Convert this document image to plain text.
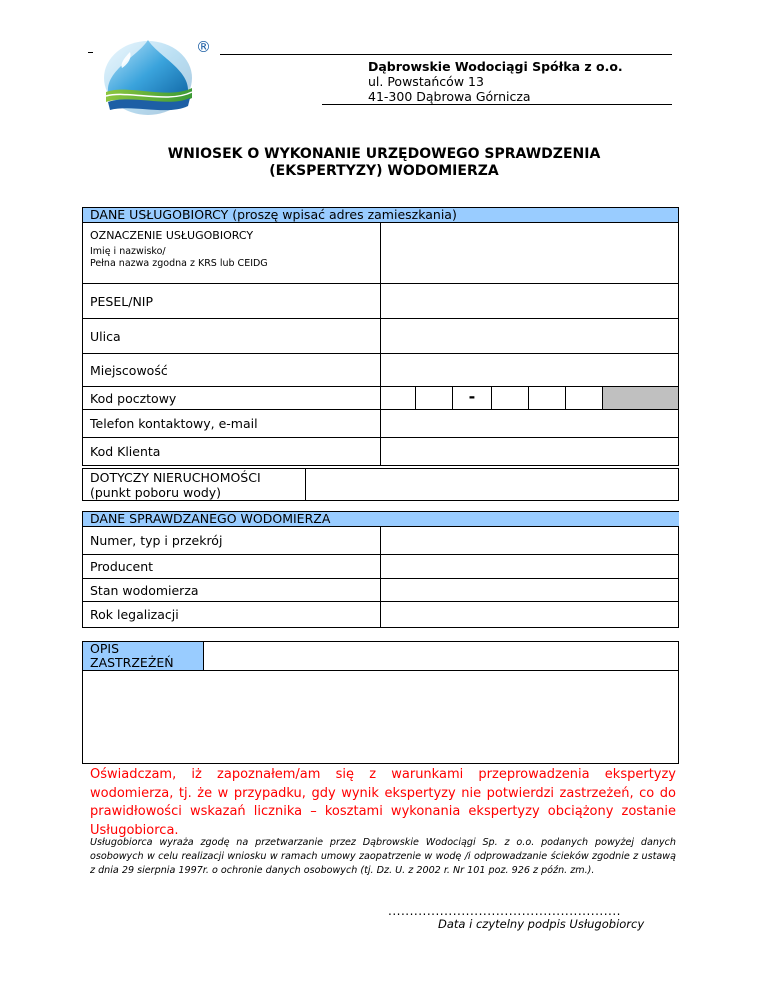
®
Dąbrowskie Wodociągi Spółka z o.o.
ul. Powstańców 13
41-300 Dąbrowa Górnicza
WNIOSEK O WYKONANIE URZĘDOWEGO SPRAWDZENIA
(EKSPERTYZY) WODOMIERZA
DANE USŁUGOBIORCY (proszę wpisać adres zamieszkania)	

OZNACZENIE USŁUGOBIORCY
Imię i nazwisko/
Pełna nazwa zgodna z KRS lub CEIDG	

PESEL/NIP	
Ulica	
Miejscowość	
Kod pocztowy	-

Telefon kontaktowy, e-mail	
Kod Klienta	
DOTYCZY NIERUCHOMOŚCI
(punkt poboru wody)

DANE SPRAWDZANEGO WODOMIERZA	
Numer, typ i przekrój	
Producent	
Stan wodomierza	
Rok legalizacji	
OPIS ZASTRZEŻEŃ

Oświadczam, iż zapoznałem/am się z warunkami przeprowadzenia ekspertyzy wodomierza, tj. że w przypadku, gdy wynik ekspertyzy nie potwierdzi zastrzeżeń, co do prawidłowości wskazań licznika – kosztami wykonania ekspertyzy obciążony zostanie Usługobiorca.
Usługobiorca wyraża zgodę na przetwarzanie przez Dąbrowskie Wodociągi Sp. z o.o. podanych powyżej danych osobowych w celu realizacji wniosku w ramach umowy zaopatrzenie w wodę /i odprowadzanie ścieków zgodnie z ustawą z dnia 29 sierpnia 1997r. o ochronie danych osobowych (tj. Dz. U. z 2002 r. Nr 101 poz. 926 z późn. zm.).
......................................................
Data i czytelny podpis Usługobiorcy
